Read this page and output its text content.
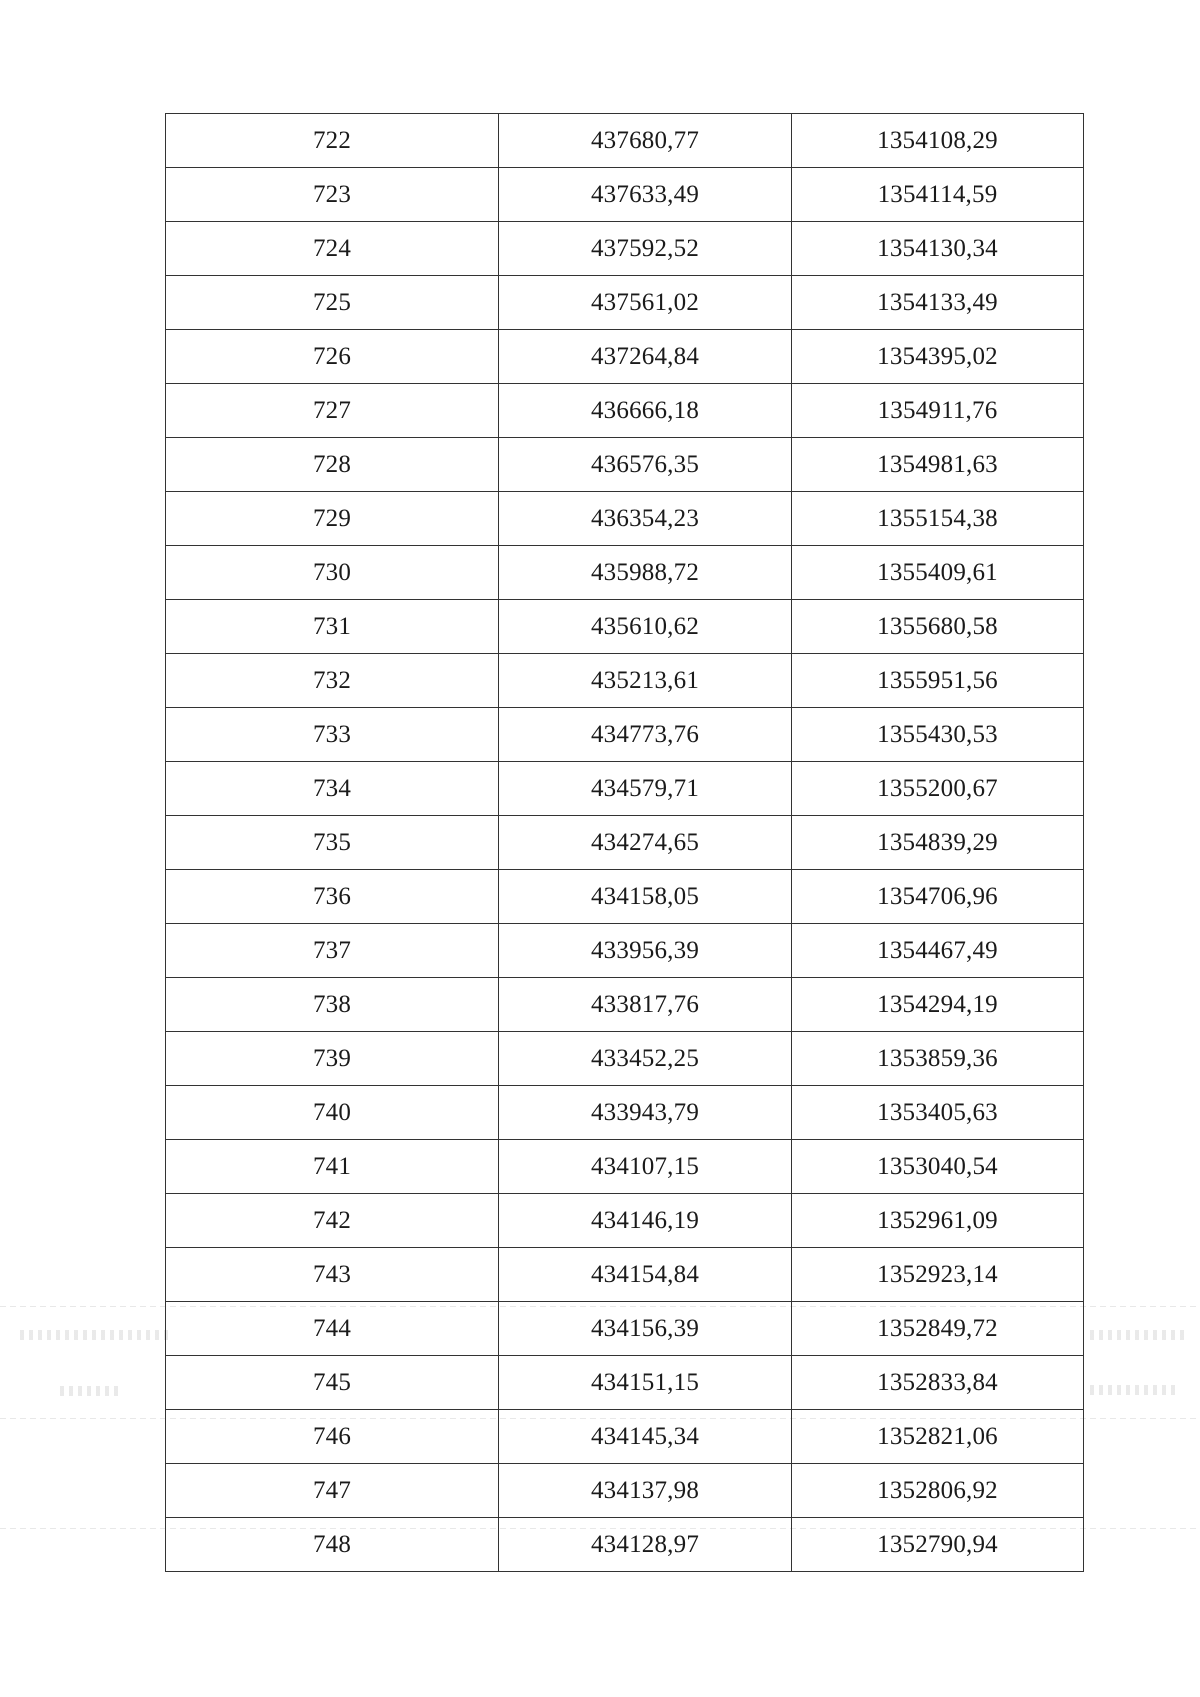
722	437680,77	1354108,29
723	437633,49	1354114,59
724	437592,52	1354130,34
725	437561,02	1354133,49
726	437264,84	1354395,02
727	436666,18	1354911,76
728	436576,35	1354981,63
729	436354,23	1355154,38
730	435988,72	1355409,61
731	435610,62	1355680,58
732	435213,61	1355951,56
733	434773,76	1355430,53
734	434579,71	1355200,67
735	434274,65	1354839,29
736	434158,05	1354706,96
737	433956,39	1354467,49
738	433817,76	1354294,19
739	433452,25	1353859,36
740	433943,79	1353405,63
741	434107,15	1353040,54
742	434146,19	1352961,09
743	434154,84	1352923,14
744	434156,39	1352849,72
745	434151,15	1352833,84
746	434145,34	1352821,06
747	434137,98	1352806,92
748	434128,97	1352790,94
